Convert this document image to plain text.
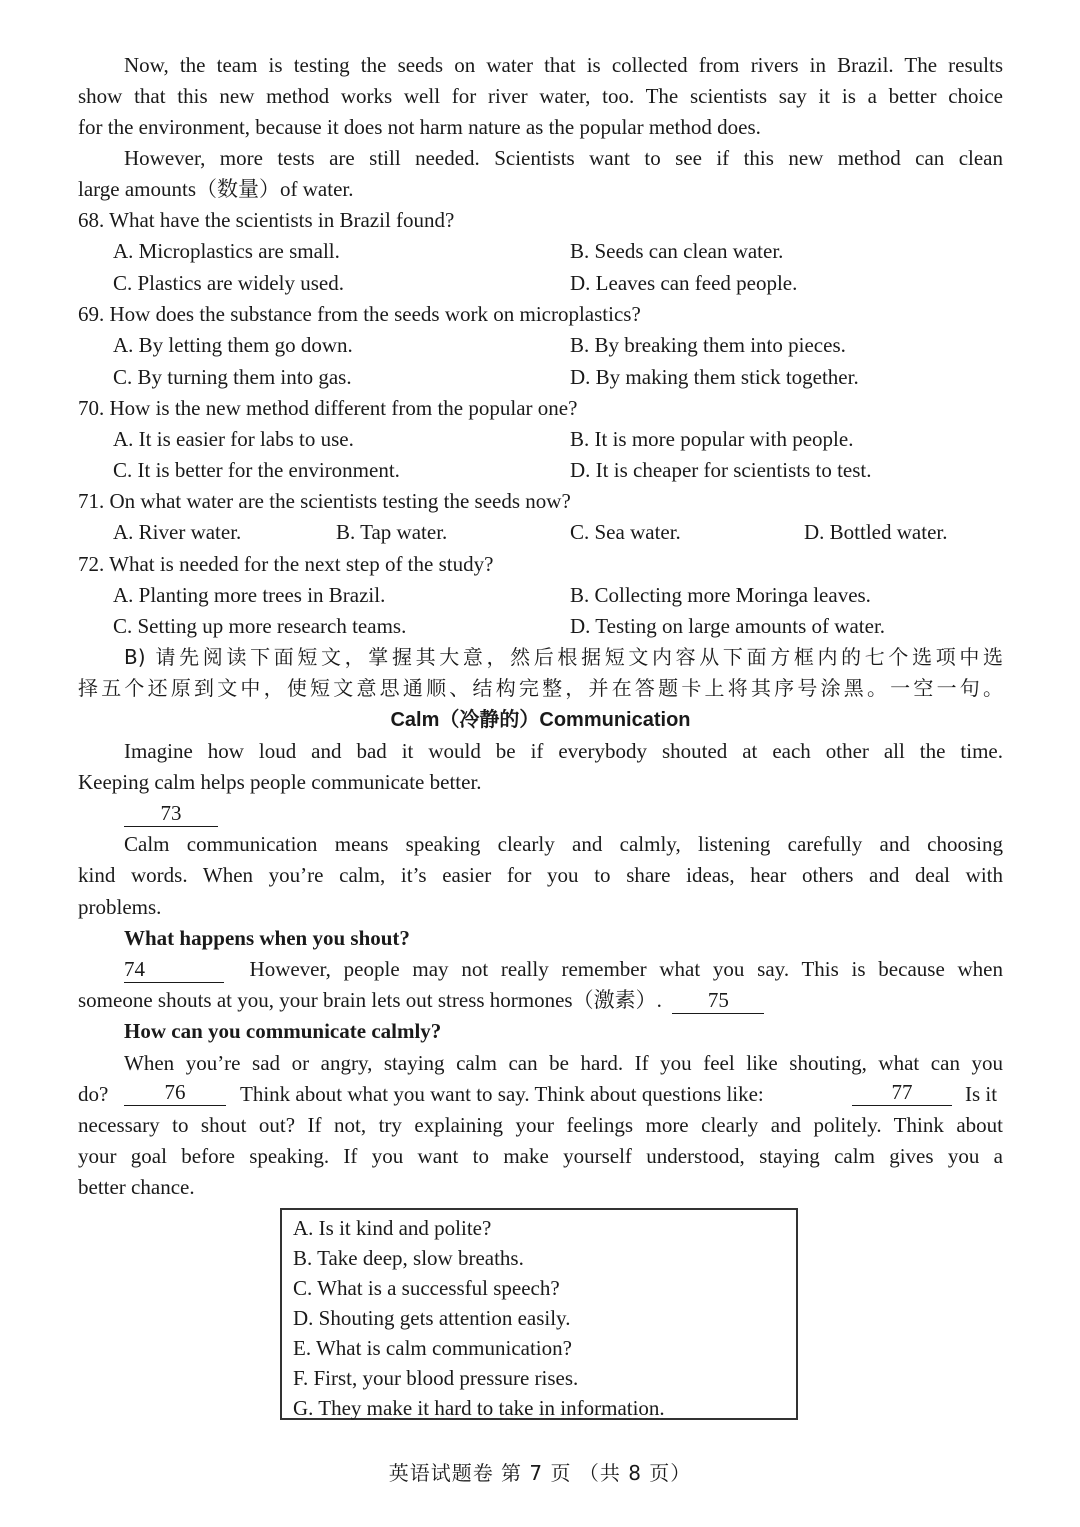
Now, the team is testing the seeds on water that is collected from rivers in Brazil. The results
show that this new method works well for river water, too. The scientists say it is a better choice
for the environment, because it does not harm nature as the popular method does.
However, more tests are still needed. Scientists want to see if this new method can clean
large amounts（数量）of water.
68. What have the scientists in Brazil found?
A. Microplastics are small.	B. Seeds can clean water.
C. Plastics are widely used.	D. Leaves can feed people.
69. How does the substance from the seeds work on microplastics?
A. By letting them go down.	B. By breaking them into pieces.
C. By turning them into gas.	D. By making them stick together.
70. How is the new method different from the popular one?
A. It is easier for labs to use.	B. It is more popular with people.
C. It is better for the environment.	D. It is cheaper for scientists to test.
71. On what water are the scientists testing the seeds now?
A. River water.	B. Tap water.	C. Sea water.	D. Bottled water.
72. What is needed for the next step of the study?
A. Planting more trees in Brazil.	B. Collecting more Moringa leaves.
C. Setting up more research teams.	D. Testing on large amounts of water.
B) 请先阅读下面短文，掌握其大意，然后根据短文内容从下面方框内的七个选项中选
择五个还原到文中，使短文意思通顺、结构完整，并在答题卡上将其序号涂黑。一空一句。
Calm（冷静的）Communication
Imagine how loud and bad it would be if everybody shouted at each other all the time.
Keeping calm helps people communicate better.
73
Calm communication means speaking clearly and calmly, listening carefully and choosing
kind words. When you’re calm, it’s easier for you to share ideas, hear others and deal with
problems.
What happens when you shout?
74	However, people may not really remember what you say. This is because when
someone shouts at you, your brain lets out stress hormones（激素）. 75
How can you communicate calmly?
When you’re sad or angry, staying calm can be hard. If you feel like shouting, what can you
do?	76	Think about what you want to say. Think about questions like:	77	Is it
necessary to shout out? If not, try explaining your feelings more clearly and politely. Think about
your goal before speaking. If you want to make yourself understood, staying calm gives you a
better chance.
A. Is it kind and polite?
B. Take deep, slow breaths.
C. What is a successful speech?
D. Shouting gets attention easily.
E. What is calm communication?
F. First, your blood pressure rises.
G. They make it hard to take in information.
英语试题卷 第 7 页 （共 8 页）
